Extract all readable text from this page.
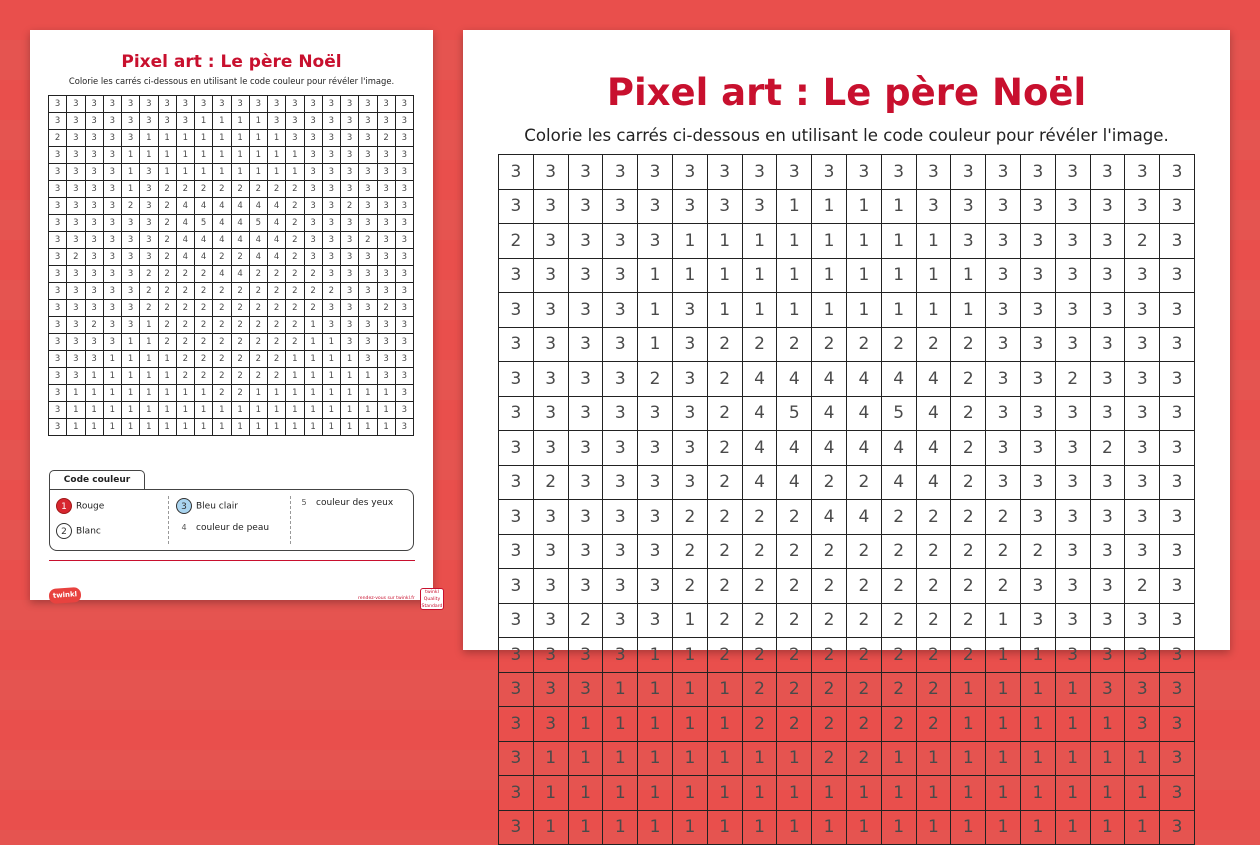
Pixel art : Le père Noël

Colorie les carrés ci-dessous en utilisant le code couleur pour révéler l'image.

3	3	3	3	3	3	3	3	3	3	3	3	3	3	3	3	3	3	3	3
3	3	3	3	3	3	3	3	1	1	1	1	3	3	3	3	3	3	3	3
2	3	3	3	3	1	1	1	1	1	1	1	1	3	3	3	3	3	2	3
3	3	3	3	1	1	1	1	1	1	1	1	1	1	3	3	3	3	3	3
3	3	3	3	1	3	1	1	1	1	1	1	1	1	3	3	3	3	3	3
3	3	3	3	1	3	2	2	2	2	2	2	2	2	3	3	3	3	3	3
3	3	3	3	2	3	2	4	4	4	4	4	4	2	3	3	2	3	3	3
3	3	3	3	3	3	2	4	5	4	4	5	4	2	3	3	3	3	3	3
3	3	3	3	3	3	2	4	4	4	4	4	4	2	3	3	3	2	3	3
3	2	3	3	3	3	2	4	4	2	2	4	4	2	3	3	3	3	3	3
3	3	3	3	3	2	2	2	2	4	4	2	2	2	2	3	3	3	3	3
3	3	3	3	3	2	2	2	2	2	2	2	2	2	2	2	3	3	3	3
3	3	3	3	3	2	2	2	2	2	2	2	2	2	2	3	3	3	2	3
3	3	2	3	3	1	2	2	2	2	2	2	2	2	1	3	3	3	3	3
3	3	3	3	1	1	2	2	2	2	2	2	2	2	1	1	3	3	3	3
3	3	3	1	1	1	1	2	2	2	2	2	2	1	1	1	1	3	3	3
3	3	1	1	1	1	1	2	2	2	2	2	2	1	1	1	1	1	3	3
3	1	1	1	1	1	1	1	1	2	2	1	1	1	1	1	1	1	1	3
3	1	1	1	1	1	1	1	1	1	1	1	1	1	1	1	1	1	1	3
3	1	1	1	1	1	1	1	1	1	1	1	1	1	1	1	1	1	1	3
Code couleur
1 Rouge
2 Blanc
3 Bleu clair
4 couleur de peau
5 couleur des yeux
twinkl	rendez-vous sur twinkl.fr
twinkl
Quality
Standard
Pixel art : Le père Noël

Colorie les carrés ci-dessous en utilisant le code couleur pour révéler l'image.

3	3	3	3	3	3	3	3	3	3	3	3	3	3	3	3	3	3	3	3
3	3	3	3	3	3	3	3	1	1	1	1	3	3	3	3	3	3	3	3
2	3	3	3	3	1	1	1	1	1	1	1	1	3	3	3	3	3	2	3
3	3	3	3	1	1	1	1	1	1	1	1	1	1	3	3	3	3	3	3
3	3	3	3	1	3	1	1	1	1	1	1	1	1	3	3	3	3	3	3
3	3	3	3	1	3	2	2	2	2	2	2	2	2	3	3	3	3	3	3
3	3	3	3	2	3	2	4	4	4	4	4	4	2	3	3	2	3	3	3
3	3	3	3	3	3	2	4	5	4	4	5	4	2	3	3	3	3	3	3
3	3	3	3	3	3	2	4	4	4	4	4	4	2	3	3	3	2	3	3
3	2	3	3	3	3	2	4	4	2	2	4	4	2	3	3	3	3	3	3
3	3	3	3	3	2	2	2	2	4	4	2	2	2	2	3	3	3	3	3
3	3	3	3	3	2	2	2	2	2	2	2	2	2	2	2	3	3	3	3
3	3	3	3	3	2	2	2	2	2	2	2	2	2	2	3	3	3	2	3
3	3	2	3	3	1	2	2	2	2	2	2	2	2	1	3	3	3	3	3
3	3	3	3	1	1	2	2	2	2	2	2	2	2	1	1	3	3	3	3
3	3	3	1	1	1	1	2	2	2	2	2	2	1	1	1	1	3	3	3
3	3	1	1	1	1	1	2	2	2	2	2	2	1	1	1	1	1	3	3
3	1	1	1	1	1	1	1	1	2	2	1	1	1	1	1	1	1	1	3
3	1	1	1	1	1	1	1	1	1	1	1	1	1	1	1	1	1	1	3
3	1	1	1	1	1	1	1	1	1	1	1	1	1	1	1	1	1	1	3
